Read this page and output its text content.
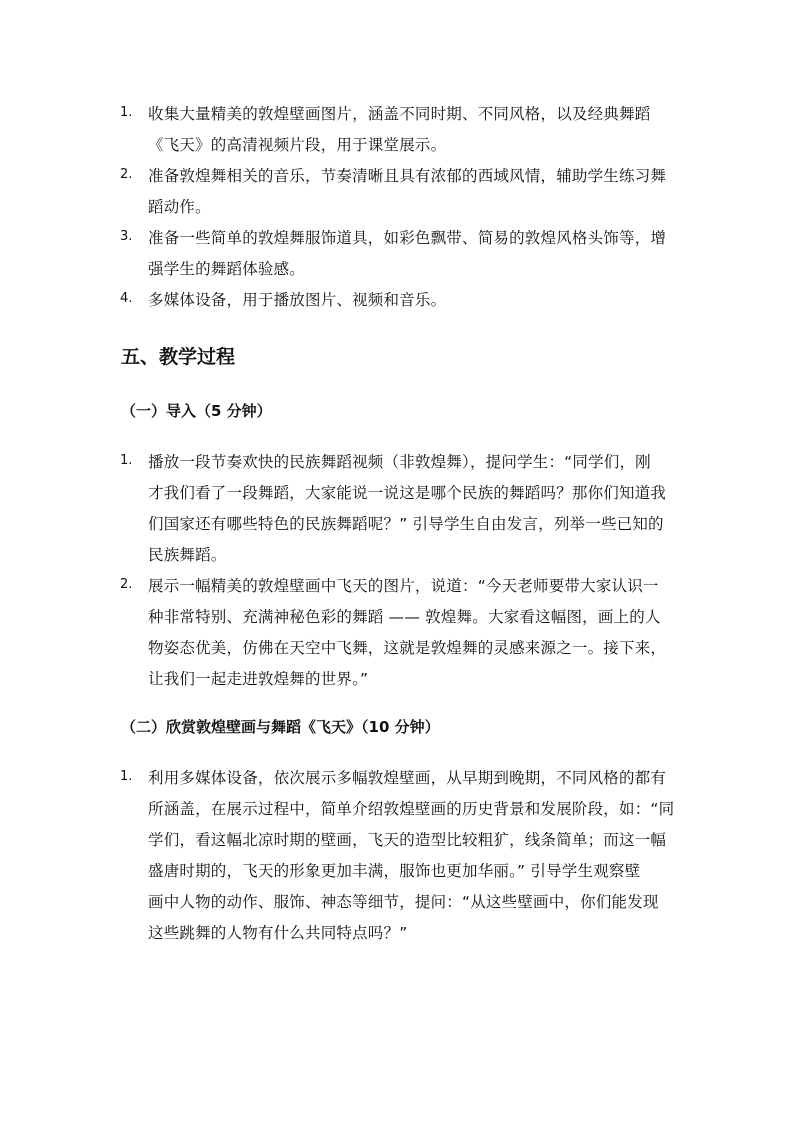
1. 收集大量精美的敦煌壁画图片，涵盖不同时期、不同风格，以及经典舞蹈
《飞天》的高清视频片段，用于课堂展示。
2. 准备敦煌舞相关的音乐，节奏清晰且具有浓郁的西域风情，辅助学生练习舞
蹈动作。
3. 准备一些简单的敦煌舞服饰道具，如彩色飘带、简易的敦煌风格头饰等，增
强学生的舞蹈体验感。
4. 多媒体设备，用于播放图片、视频和音乐。
五、教学过程
（一）导入（5 分钟）
1. 播放一段节奏欢快的民族舞蹈视频（非敦煌舞），提问学生：“同学们，刚
才我们看了一段舞蹈，大家能说一说这是哪个民族的舞蹈吗？那你们知道我
们国家还有哪些特色的民族舞蹈呢？” 引导学生自由发言，列举一些已知的
民族舞蹈。
2. 展示一幅精美的敦煌壁画中飞天的图片，说道：“今天老师要带大家认识一
种非常特别、充满神秘色彩的舞蹈 —— 敦煌舞。大家看这幅图，画上的人
物姿态优美，仿佛在天空中飞舞，这就是敦煌舞的灵感来源之一。接下来，
让我们一起走进敦煌舞的世界。”
（二）欣赏敦煌壁画与舞蹈《飞天》（10 分钟）
1. 利用多媒体设备，依次展示多幅敦煌壁画，从早期到晚期，不同风格的都有
所涵盖，在展示过程中，简单介绍敦煌壁画的历史背景和发展阶段，如：“同
学们，看这幅北凉时期的壁画，飞天的造型比较粗犷，线条简单；而这一幅
盛唐时期的，飞天的形象更加丰满，服饰也更加华丽。” 引导学生观察壁
画中人物的动作、服饰、神态等细节，提问：“从这些壁画中，你们能发现
这些跳舞的人物有什么共同特点吗？”
